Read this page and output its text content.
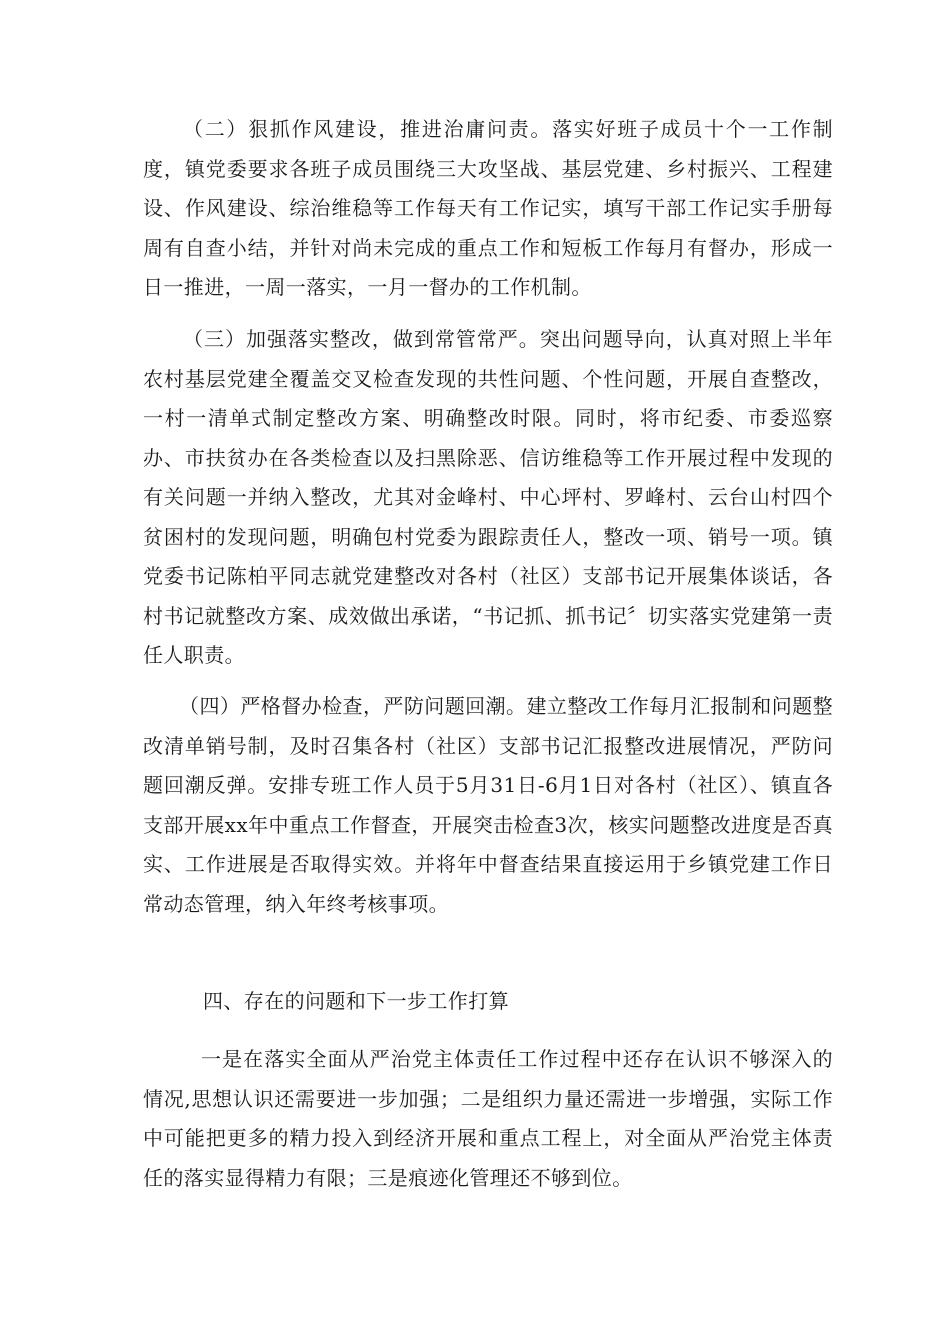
（二）狠抓作风建设，推进治庸问责。落实好班子成员十个一工作制度，镇党委要求各班子成员围绕三大攻坚战、基层党建、乡村振兴、工程建设、作风建设、综治维稳等工作每天有工作记实，填写干部工作记实手册每周有自查小结，并针对尚未完成的重点工作和短板工作每月有督办，形成一日一推进，一周一落实，一月一督办的工作机制。

（三）加强落实整改，做到常管常严。突出问题导向，认真对照上半年农村基层党建全覆盖交叉检查发现的共性问题、个性问题，开展自查整改，一村一清单式制定整改方案、明确整改时限。同时，将市纪委、市委巡察办、市扶贫办在各类检查以及扫黑除恶、信访维稳等工作开展过程中发现的有关问题一并纳入整改，尤其对金峰村、中心坪村、罗峰村、云台山村四个贫困村的发现问题，明确包村党委为跟踪责任人，整改一项、销号一项。镇党委书记陈柏平同志就党建整改对各村（社区）支部书记开展集体谈话，各村书记就整改方案、成效做出承诺，“书记抓、抓书记〞切实落实党建第一责任人职责。

（四）严格督办检查，严防问题回潮。建立整改工作每月汇报制和问题整改清单销号制，及时召集各村（社区）支部书记汇报整改进展情况，严防问题回潮反弹。安排专班工作人员于5月31日-6月1日对各村（社区）、镇直各支部开展xx年中重点工作督查，开展突击检查3次，核实问题整改进度是否真实、工作进展是否取得实效。并将年中督查结果直接运用于乡镇党建工作日常动态管理，纳入年终考核事项。

四、存在的问题和下一步工作打算

一是在落实全面从严治党主体责任工作过程中还存在认识不够深入的情况,思想认识还需要进一步加强；二是组织力量还需进一步增强，实际工作中可能把更多的精力投入到经济开展和重点工程上，对全面从严治党主体责任的落实显得精力有限；三是痕迹化管理还不够到位。
